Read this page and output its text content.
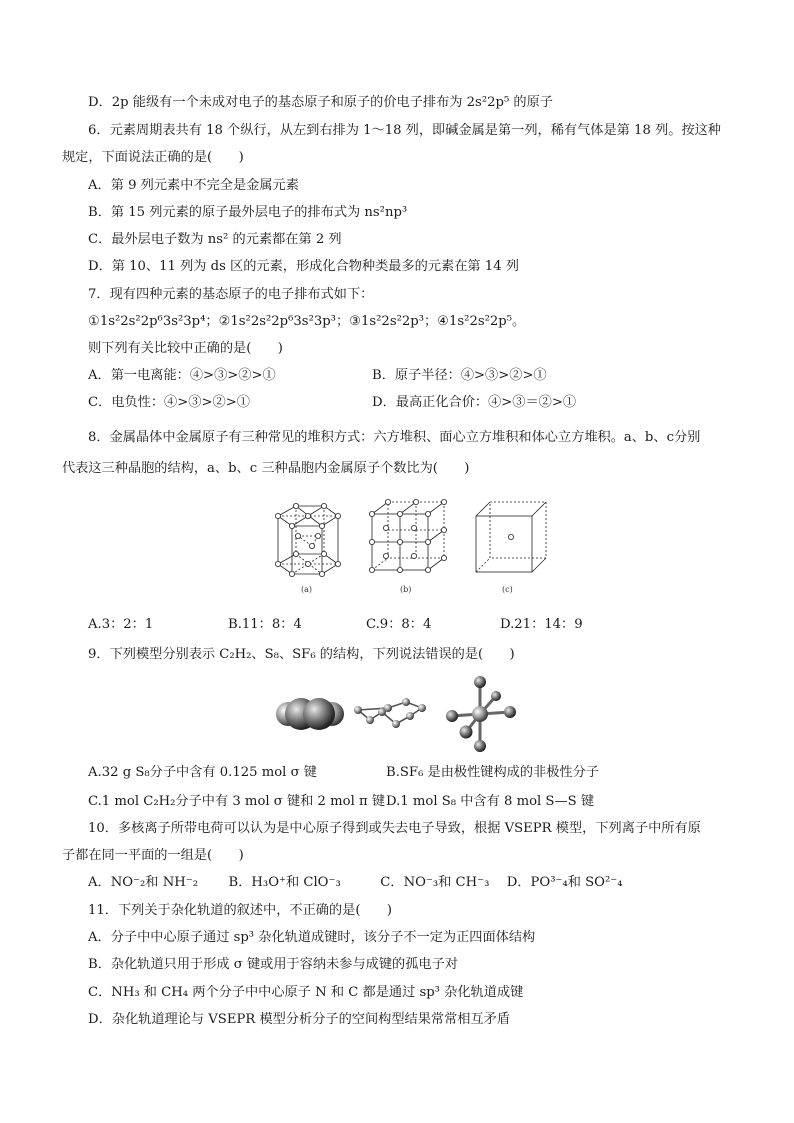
D．2p 能级有一个未成对电子的基态原子和原子的价电子排布为 2s²2p⁵ 的原子
6．元素周期表共有 18 个纵行，从左到右排为 1～18 列，即碱金属是第一列，稀有气体是第 18 列。按这种
规定，下面说法正确的是(　　)
A．第 9 列元素中不完全是金属元素
B．第 15 列元素的原子最外层电子的排布式为 ns²np³
C．最外层电子数为 ns² 的元素都在第 2 列
D．第 10、11 列为 ds 区的元素，形成化合物种类最多的元素在第 14 列
7．现有四种元素的基态原子的电子排布式如下：
①1s²2s²2p⁶3s²3p⁴；②1s²2s²2p⁶3s²3p³；③1s²2s²2p³；④1s²2s²2p⁵。
则下列有关比较中正确的是(　　)
A．第一电离能：④>③>②>①	B．原子半径：④>③>②>①
C．电负性：④>③>②>①	D．最高正化合价：④>③＝②>①
8．金属晶体中金属原子有三种常见的堆积方式：六方堆积、面心立方堆积和体心立方堆积。a、b、c分别
代表这三种晶胞的结构，a、b、c 三种晶胞内金属原子个数比为(　　)
(a)	(b)	(c)
A.3：2：1	B.11：8：4	C.9：8：4	D.21：14：9
9．下列模型分别表示 C₂H₂、S₈、SF₆ 的结构，下列说法错误的是(　　)
A.32 g S₈分子中含有 0.125 mol σ 键	B.SF₆ 是由极性键构成的非极性分子
C.1 mol C₂H₂分子中有 3 mol σ 键和 2 mol π 键 D.1 mol S₈ 中含有 8 mol S—S 键
10．多核离子所带电荷可以认为是中心原子得到或失去电子导致，根据 VSEPR 模型，下列离子中所有原
子都在同一平面的一组是(　　)
A．NO⁻₂和 NH⁻₂　　 B．H₃O⁺和 ClO⁻₃　　　C．NO⁻₃和 CH⁻₃　 D．PO³⁻₄和 SO²⁻₄
11．下列关于杂化轨道的叙述中，不正确的是(　　)
A．分子中中心原子通过 sp³ 杂化轨道成键时，该分子不一定为正四面体结构
B．杂化轨道只用于形成 σ 键或用于容纳未参与成键的孤电子对
C．NH₃ 和 CH₄ 两个分子中中心原子 N 和 C 都是通过 sp³ 杂化轨道成键
D．杂化轨道理论与 VSEPR 模型分析分子的空间构型结果常常相互矛盾
